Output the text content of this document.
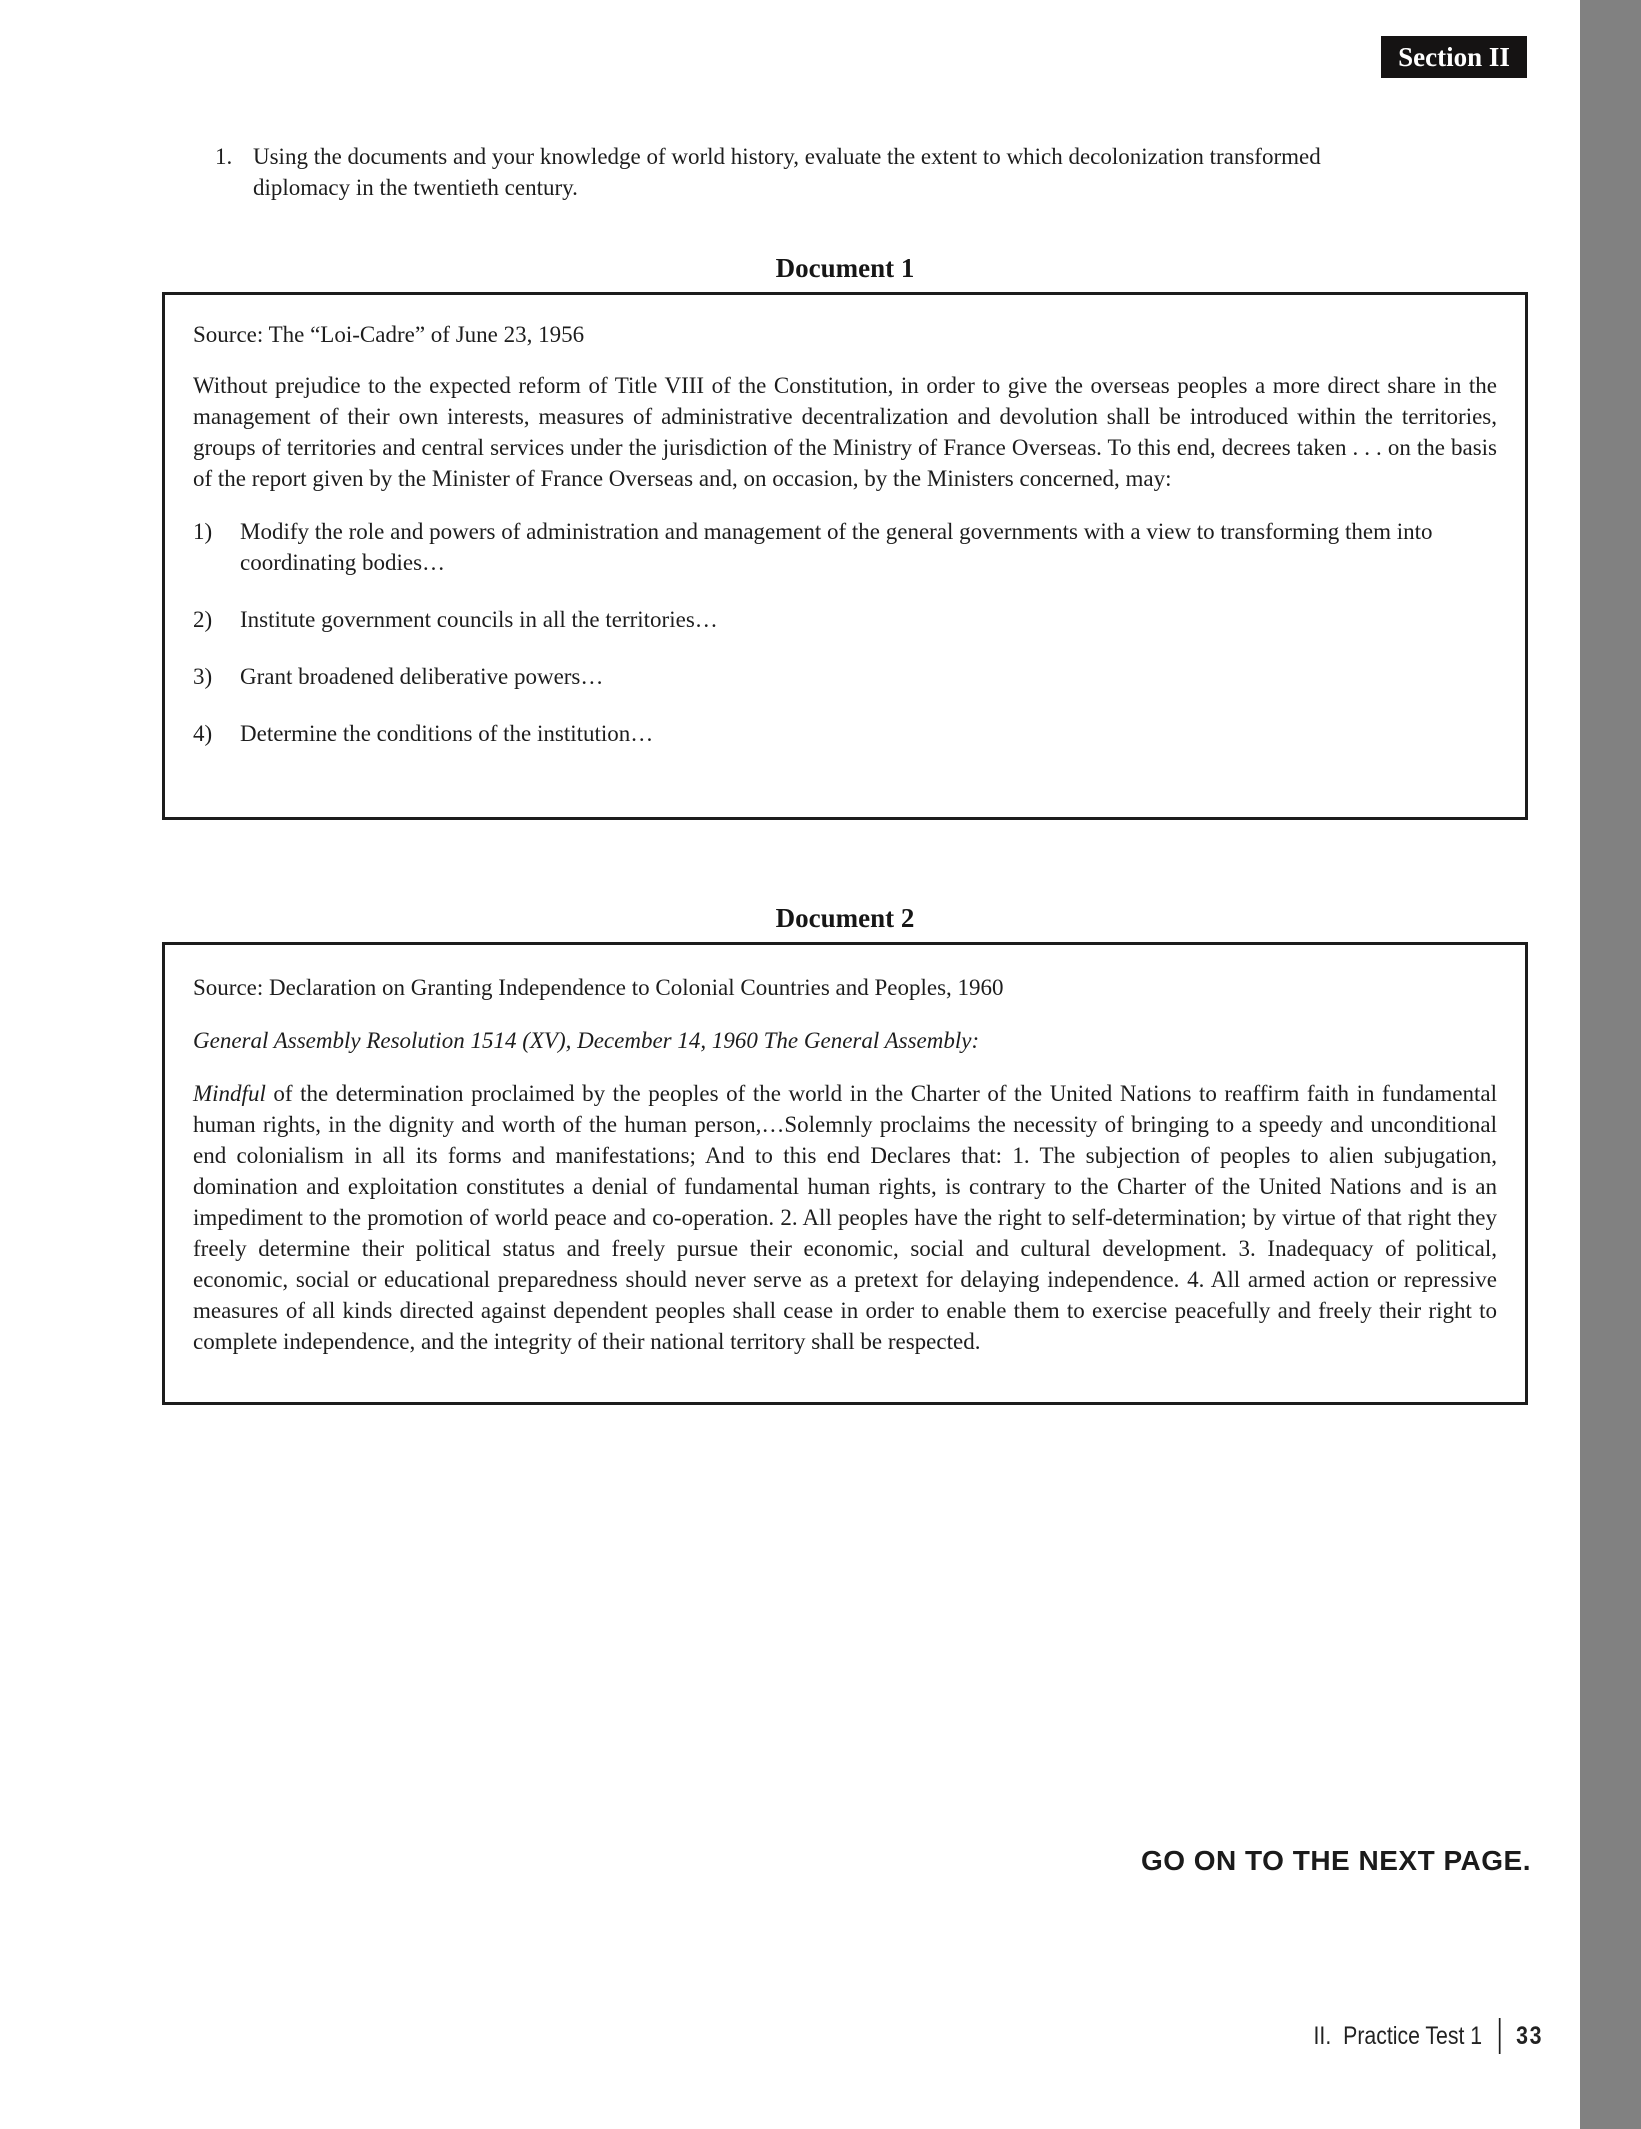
Section II
1. Using the documents and your knowledge of world history, evaluate the extent to which decolonization transformed diplomacy in the twentieth century.
Document 1

Source: The “Loi-Cadre” of June 23, 1956

Without prejudice to the expected reform of Title VIII of the Constitution, in order to give the overseas peoples a more direct share in the management of their own interests, measures of administrative decentralization and devolution shall be introduced within the territories, groups of territories and central services under the jurisdiction of the Ministry of France Overseas. To this end, decrees taken . . . on the basis of the report given by the Minister of France Overseas and, on occasion, by the Ministers concerned, may:

1)	Modify the role and powers of administration and management of the general governments with a view to transforming them into coordinating bodies…
2)	Institute government councils in all the territories…
3)	Grant broadened deliberative powers…
4)	Determine the conditions of the institution…
Document 2

Source: Declaration on Granting Independence to Colonial Countries and Peoples, 1960

General Assembly Resolution 1514 (XV), December 14, 1960 The General Assembly:

Mindful of the determination proclaimed by the peoples of the world in the Charter of the United Nations to reaffirm faith in fundamental human rights, in the dignity and worth of the human person,…Solemnly proclaims the necessity of bringing to a speedy and unconditional end colonialism in all its forms and manifestations; And to this end Declares that: 1. The subjection of peoples to alien subjugation, domination and exploitation constitutes a denial of fundamental human rights, is contrary to the Charter of the United Nations and is an impediment to the promotion of world peace and co-operation. 2. All peoples have the right to self-determination; by virtue of that right they freely determine their political status and freely pursue their economic, social and cultural development. 3. Inadequacy of political, economic, social or educational preparedness should never serve as a pretext for delaying independence. 4. All armed action or repressive measures of all kinds directed against dependent peoples shall cease in order to enable them to exercise peacefully and freely their right to complete independence, and the integrity of their national territory shall be respected.

GO ON TO THE NEXT PAGE.
II. Practice Test 1 33
